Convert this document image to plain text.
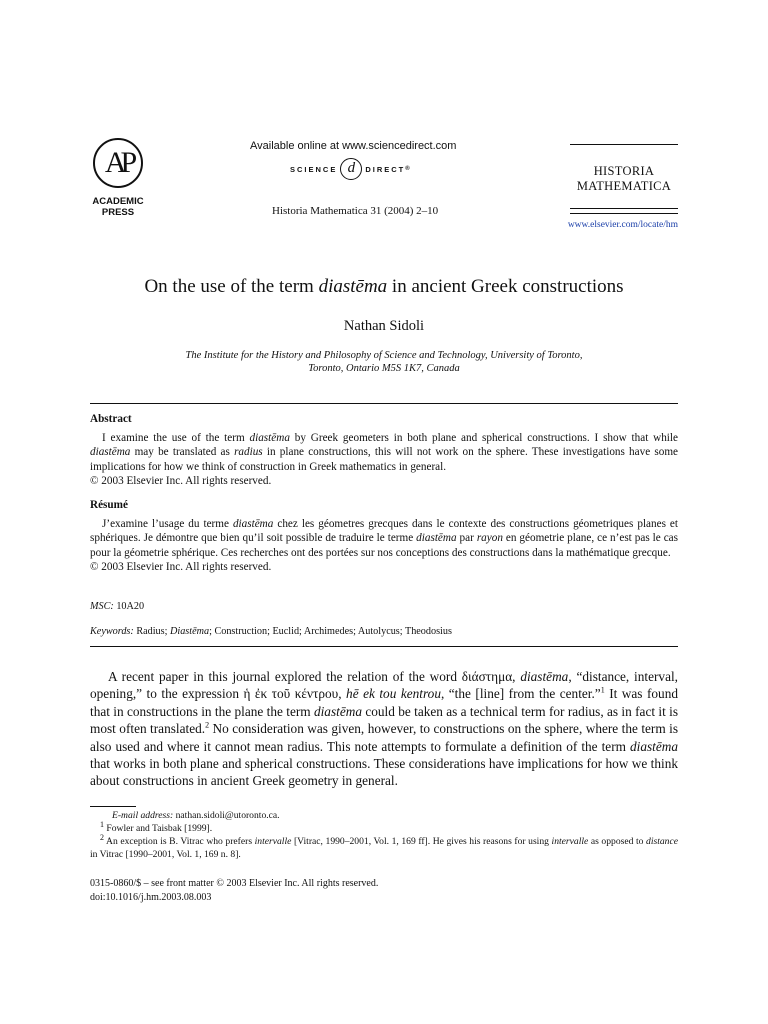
AP
ACADEMIC
PRESS
Available online at www.sciencedirect.com
SCIENCE d	DIRECT ®
Historia Mathematica 31 (2004) 2–10
HISTORIA
MATHEMATICA
www.elsevier.com/locate/hm
On the use of the term diastēma in ancient Greek constructions
Nathan Sidoli
The Institute for the History and Philosophy of Science and Technology, University of Toronto,
Toronto, Ontario M5S 1K7, Canada
Abstract

I examine the use of the term diastēma by Greek geometers in both plane and spherical constructions. I show that while diastēma may be translated as radius in plane constructions, this will not work on the sphere. These investigations have some implications for how we think of construction in Greek mathematics in general.

© 2003 Elsevier Inc. All rights reserved.

Résumé

J’examine l’usage du terme diastēma chez les géometres grecques dans le contexte des constructions géometriques planes et sphériques. Je démontre que bien qu’il soit possible de traduire le terme diastēma par rayon en géometrie plane, ce n’est pas le cas pour la géometrie sphérique. Ces recherches ont des portées sur nos conceptions des constructions dans la mathématique grecque.

© 2003 Elsevier Inc. All rights reserved.

MSC: 10A20
Keywords: Radius; Diastēma; Construction; Euclid; Archimedes; Autolycus; Theodosius

A recent paper in this journal explored the relation of the word διάστημα, diastēma, “distance, interval, opening,” to the expression ἡ ἐκ τοῦ κέντρου, hē ek tou kentrou, “the [line] from the center.”$^1$ It was found that in constructions in the plane the term diastēma could be taken as a technical term for radius, as in fact it is most often translated.$^2$ No consideration was given, however, to constructions on the sphere, where the term is also used and where it cannot mean radius. This note attempts to formulate a definition of the term diastēma that works in both plane and spherical constructions. These considerations have implications for how we think about constructions in ancient Greek geometry in general.

E-mail address: nathan.sidoli@utoronto.ca.
$^1$ Fowler and Taisbak [1999].
$^2$ An exception is B. Vitrac who prefers intervalle [Vitrac, 1990–2001, Vol. 1, 169 ff]. He gives his reasons for using intervalle as opposed to distance in Vitrac [1990–2001, Vol. 1, 169 n. 8].
0315-0860/$ – see front matter © 2003 Elsevier Inc. All rights reserved.
doi:10.1016/j.hm.2003.08.003
